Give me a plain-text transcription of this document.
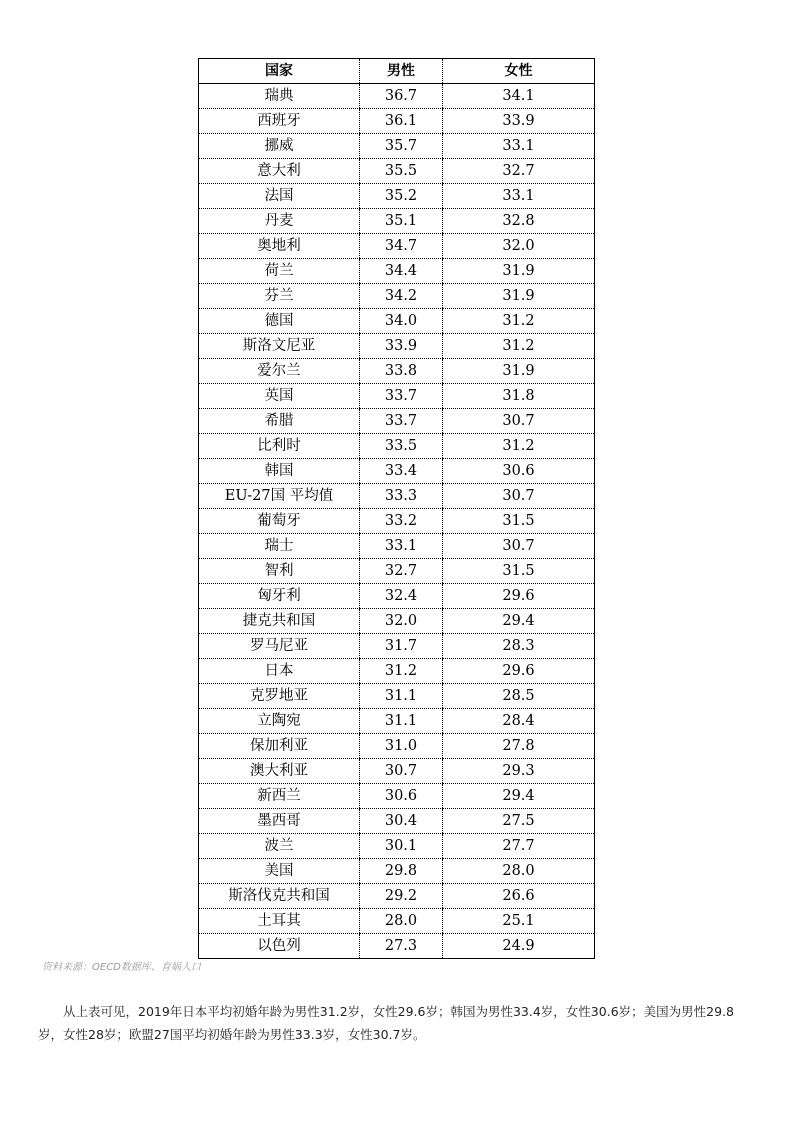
国家	男性	女性
瑞典	36.7	34.1
西班牙	36.1	33.9
挪威	35.7	33.1
意大利	35.5	32.7
法国	35.2	33.1
丹麦	35.1	32.8
奥地利	34.7	32.0
荷兰	34.4	31.9
芬兰	34.2	31.9
德国	34.0	31.2
斯洛文尼亚	33.9	31.2
爱尔兰	33.8	31.9
英国	33.7	31.8
希腊	33.7	30.7
比利时	33.5	31.2
韩国	33.4	30.6
EU-27国 平均值	33.3	30.7
葡萄牙	33.2	31.5
瑞士	33.1	30.7
智利	32.7	31.5
匈牙利	32.4	29.6
捷克共和国	32.0	29.4
罗马尼亚	31.7	28.3
日本	31.2	29.6
克罗地亚	31.1	28.5
立陶宛	31.1	28.4
保加利亚	31.0	27.8
澳大利亚	30.7	29.3
新西兰	30.6	29.4
墨西哥	30.4	27.5
波兰	30.1	27.7
美国	29.8	28.0
斯洛伐克共和国	29.2	26.6
土耳其	28.0	25.1
以色列	27.3	24.9
资料来源：OECD数据库、育娲人口

从上表可见，2019年日本平均初婚年龄为男性31.2岁，女性29.6岁；韩国为男性33.4岁，女性30.6岁；美国为男性29.8岁，女性28岁；欧盟27国平均初婚年龄为男性33.3岁，女性30.7岁。
